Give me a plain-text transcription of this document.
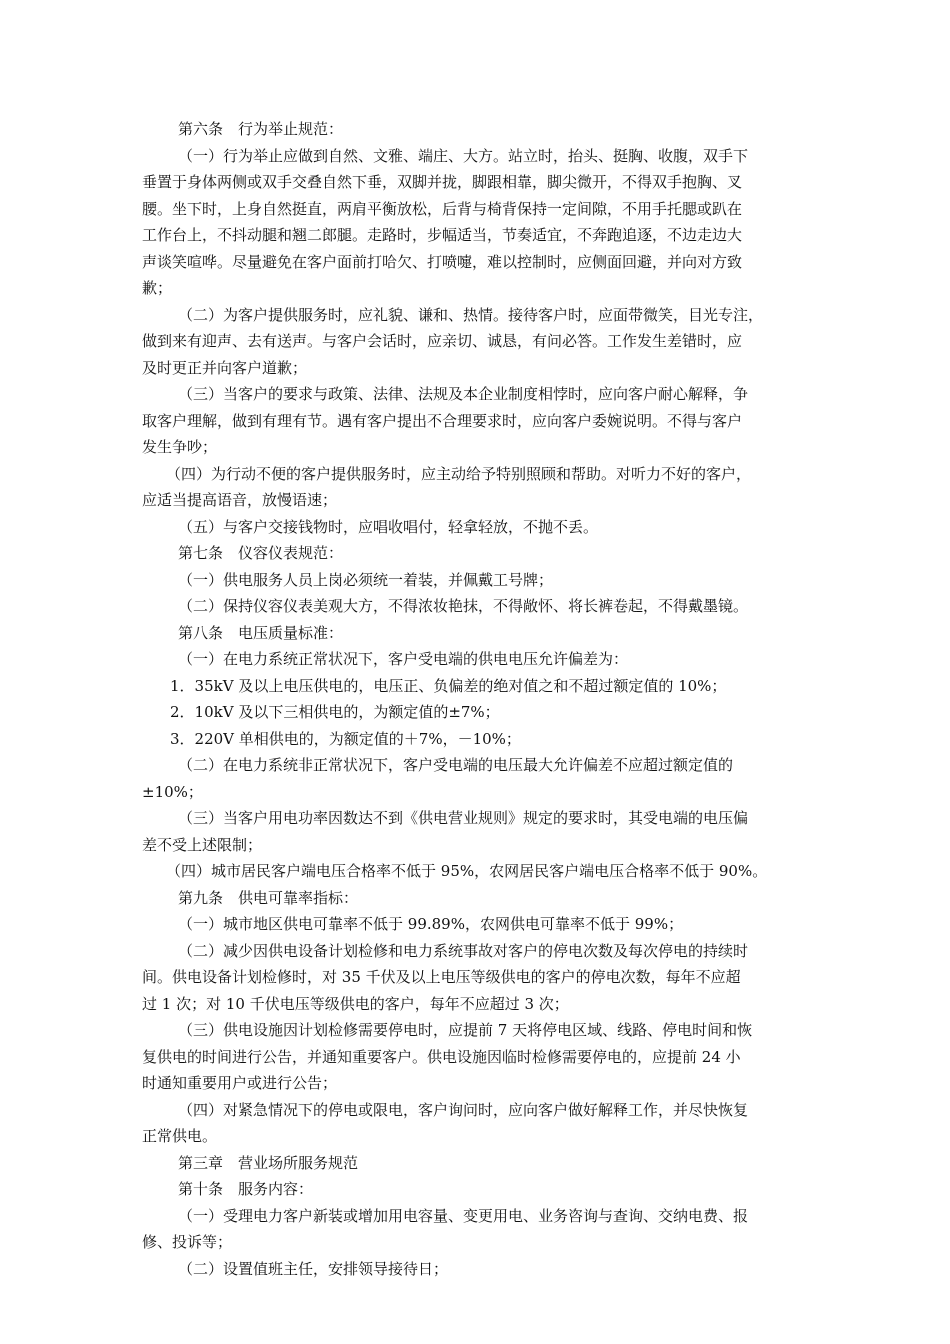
第六条　行为举止规范：
（一）行为举止应做到自然、文雅、端庄、大方。站立时，抬头、挺胸、收腹，双手下
垂置于身体两侧或双手交叠自然下垂，双脚并拢，脚跟相靠，脚尖微开，不得双手抱胸、叉
腰。坐下时，上身自然挺直，两肩平衡放松，后背与椅背保持一定间隙，不用手托腮或趴在
工作台上，不抖动腿和翘二郎腿。走路时，步幅适当，节奏适宜，不奔跑追逐，不边走边大
声谈笑喧哗。尽量避免在客户面前打哈欠、打喷嚏，难以控制时，应侧面回避，并向对方致
歉；
（二）为客户提供服务时，应礼貌、谦和、热情。接待客户时，应面带微笑，目光专注，
做到来有迎声、去有送声。与客户会话时，应亲切、诚恳，有问必答。工作发生差错时，应
及时更正并向客户道歉；
（三）当客户的要求与政策、法律、法规及本企业制度相悖时，应向客户耐心解释，争
取客户理解，做到有理有节。遇有客户提出不合理要求时，应向客户委婉说明。不得与客户
发生争吵；
（四）为行动不便的客户提供服务时，应主动给予特别照顾和帮助。对听力不好的客户，
应适当提高语音，放慢语速；
（五）与客户交接钱物时，应唱收唱付，轻拿轻放，不抛不丢。
第七条　仪容仪表规范：
（一）供电服务人员上岗必须统一着装，并佩戴工号牌；
（二）保持仪容仪表美观大方，不得浓妆艳抹，不得敞怀、将长裤卷起，不得戴墨镜。
第八条　电压质量标准：
（一）在电力系统正常状况下，客户受电端的供电电压允许偏差为：
1．35kV 及以上电压供电的，电压正、负偏差的绝对值之和不超过额定值的 10%；
2．10kV 及以下三相供电的，为额定值的±7%；
3．220V 单相供电的，为额定值的＋7%，－10%；
（二）在电力系统非正常状况下，客户受电端的电压最大允许偏差不应超过额定值的
±10%；
（三）当客户用电功率因数达不到《供电营业规则》规定的要求时，其受电端的电压偏
差不受上述限制；
（四）城市居民客户端电压合格率不低于 95%，农网居民客户端电压合格率不低于 90%。
第九条　供电可靠率指标：
（一）城市地区供电可靠率不低于 99.89%，农网供电可靠率不低于 99%；
（二）减少因供电设备计划检修和电力系统事故对客户的停电次数及每次停电的持续时
间。供电设备计划检修时，对 35 千伏及以上电压等级供电的客户的停电次数，每年不应超
过 1 次；对 10 千伏电压等级供电的客户，每年不应超过 3 次；
（三）供电设施因计划检修需要停电时，应提前 7 天将停电区域、线路、停电时间和恢
复供电的时间进行公告，并通知重要客户。供电设施因临时检修需要停电的，应提前 24 小
时通知重要用户或进行公告；
（四）对紧急情况下的停电或限电，客户询问时，应向客户做好解释工作，并尽快恢复
正常供电。
第三章　营业场所服务规范
第十条　服务内容：
（一）受理电力客户新装或增加用电容量、变更用电、业务咨询与查询、交纳电费、报
修、投诉等；
（二）设置值班主任，安排领导接待日；
